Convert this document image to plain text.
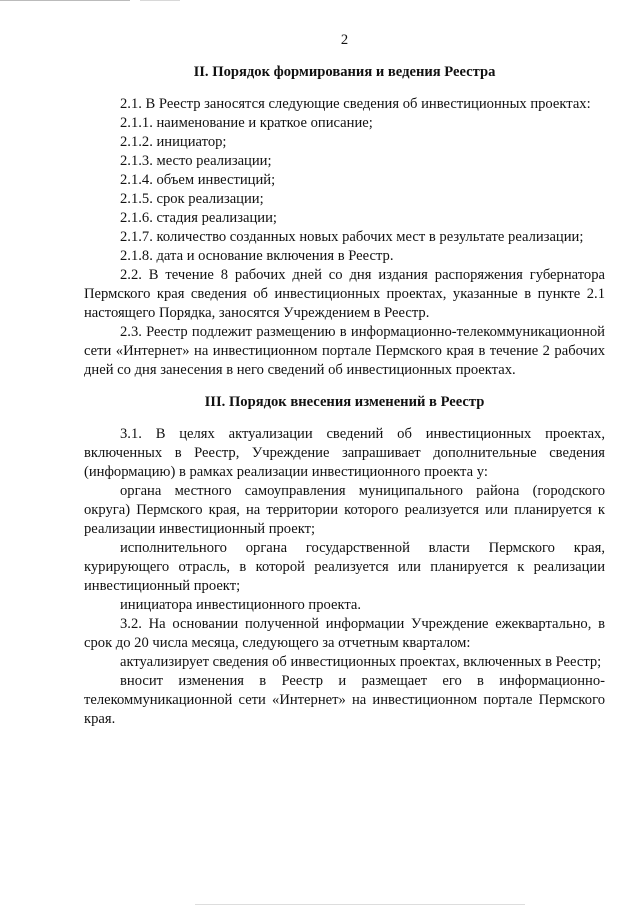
2
II. Порядок формирования и ведения Реестра

2.1. В Реестр заносятся следующие сведения об инвестиционных проектах:

2.1.1. наименование и краткое описание;

2.1.2. инициатор;

2.1.3. место реализации;

2.1.4. объем инвестиций;

2.1.5. срок реализации;

2.1.6. стадия реализации;

2.1.7. количество созданных новых рабочих мест в результате реализации;

2.1.8. дата и основание включения в Реестр.

2.2. В течение 8 рабочих дней со дня издания распоряжения губернатора Пермского края сведения об инвестиционных проектах, указанные в пункте 2.1 настоящего Порядка, заносятся Учреждением в Реестр.

2.3. Реестр подлежит размещению в информационно-телекоммуникационной сети «Интернет» на инвестиционном портале Пермского края в течение 2 рабочих дней со дня занесения в него сведений об инвестиционных проектах.

III. Порядок внесения изменений в Реестр

3.1. В целях актуализации сведений об инвестиционных проектах, включенных в Реестр, Учреждение запрашивает дополнительные сведения (информацию) в рамках реализации инвестиционного проекта у:

органа местного самоуправления муниципального района (городского округа) Пермского края, на территории которого реализуется или планируется к реализации инвестиционный проект;

исполнительного органа государственной власти Пермского края, курирующего отрасль, в которой реализуется или планируется к реализации инвестиционный проект;

инициатора инвестиционного проекта.

3.2. На основании полученной информации Учреждение ежеквартально, в срок до 20 числа месяца, следующего за отчетным кварталом:

актуализирует сведения об инвестиционных проектах, включенных в Реестр;

вносит изменения в Реестр и размещает его в информационно-телекоммуникационной сети «Интернет» на инвестиционном портале Пермского края.
